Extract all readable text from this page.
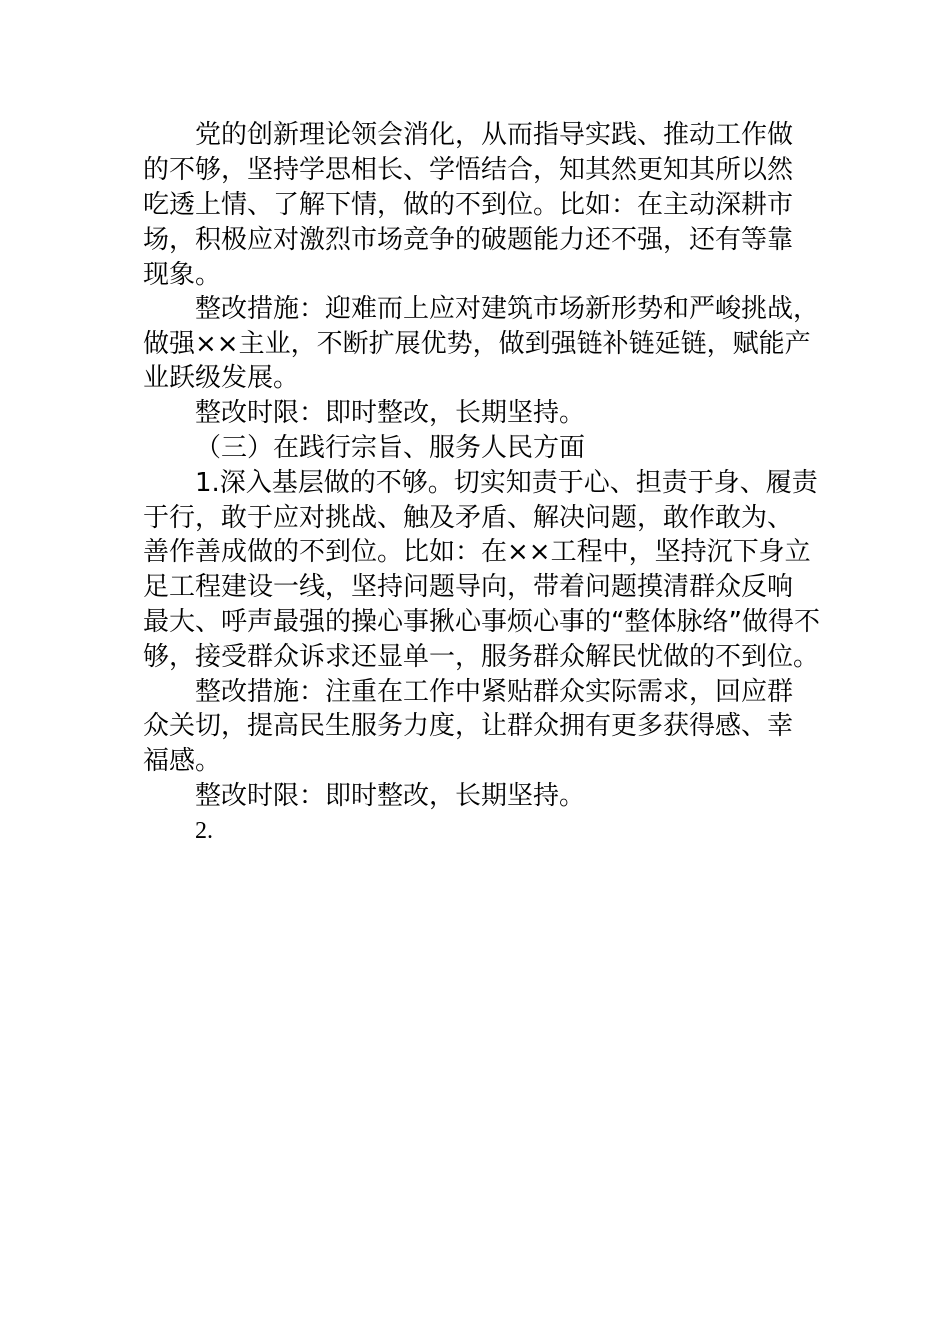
党的创新理论领会消化，从而指导实践、推动工作做
的不够，坚持学思相长、学悟结合，知其然更知其所以然
吃透上情、了解下情，做的不到位。比如：在主动深耕市
场，积极应对激烈市场竞争的破题能力还不强，还有等靠
现象。
整改措施：迎难而上应对建筑市场新形势和严峻挑战，
做强××主业，不断扩展优势，做到强链补链延链，赋能产
业跃级发展。
整改时限：即时整改，长期坚持。
（三）在践行宗旨、服务人民方面
1.深入基层做的不够。切实知责于心、担责于身、履责
于行，敢于应对挑战、触及矛盾、解决问题，敢作敢为、
善作善成做的不到位。比如：在××工程中，坚持沉下身立
足工程建设一线，坚持问题导向，带着问题摸清群众反响
最大、呼声最强的操心事揪心事烦心事的“整体脉络”做得不
够，接受群众诉求还显单一，服务群众解民忧做的不到位。
整改措施：注重在工作中紧贴群众实际需求，回应群
众关切，提高民生服务力度，让群众拥有更多获得感、幸
福感。
整改时限：即时整改，长期坚持。
2.
